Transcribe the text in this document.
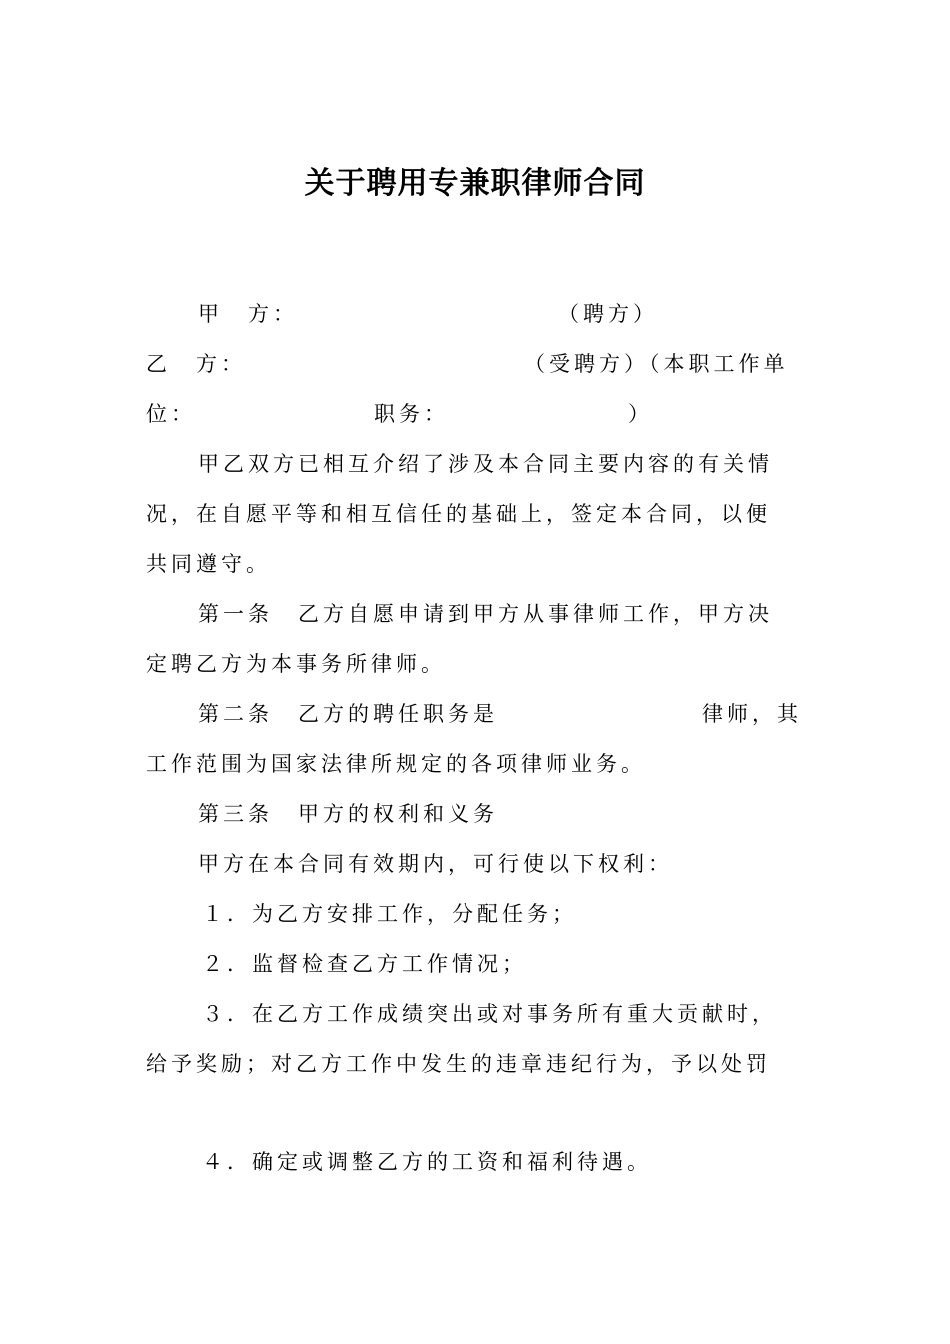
关于聘用专兼职律师合同
甲　方：	（聘方）
乙　方：	（受聘方）（本职工作单
位：	职务：	）
甲乙双方已相互介绍了涉及本合同主要内容的有关情
况，在自愿平等和相互信任的基础上，签定本合同，以便
共同遵守。
第一条　乙方自愿申请到甲方从事律师工作，甲方决
定聘乙方为本事务所律师。
第二条　乙方的聘任职务是	律师，其
工作范围为国家法律所规定的各项律师业务。
第三条　甲方的权利和义务
甲方在本合同有效期内，可行使以下权利：
１．为乙方安排工作，分配任务；
２．监督检查乙方工作情况；
３．在乙方工作成绩突出或对事务所有重大贡献时，
给予奖励；对乙方工作中发生的违章违纪行为，予以处罚
４．确定或调整乙方的工资和福利待遇。
